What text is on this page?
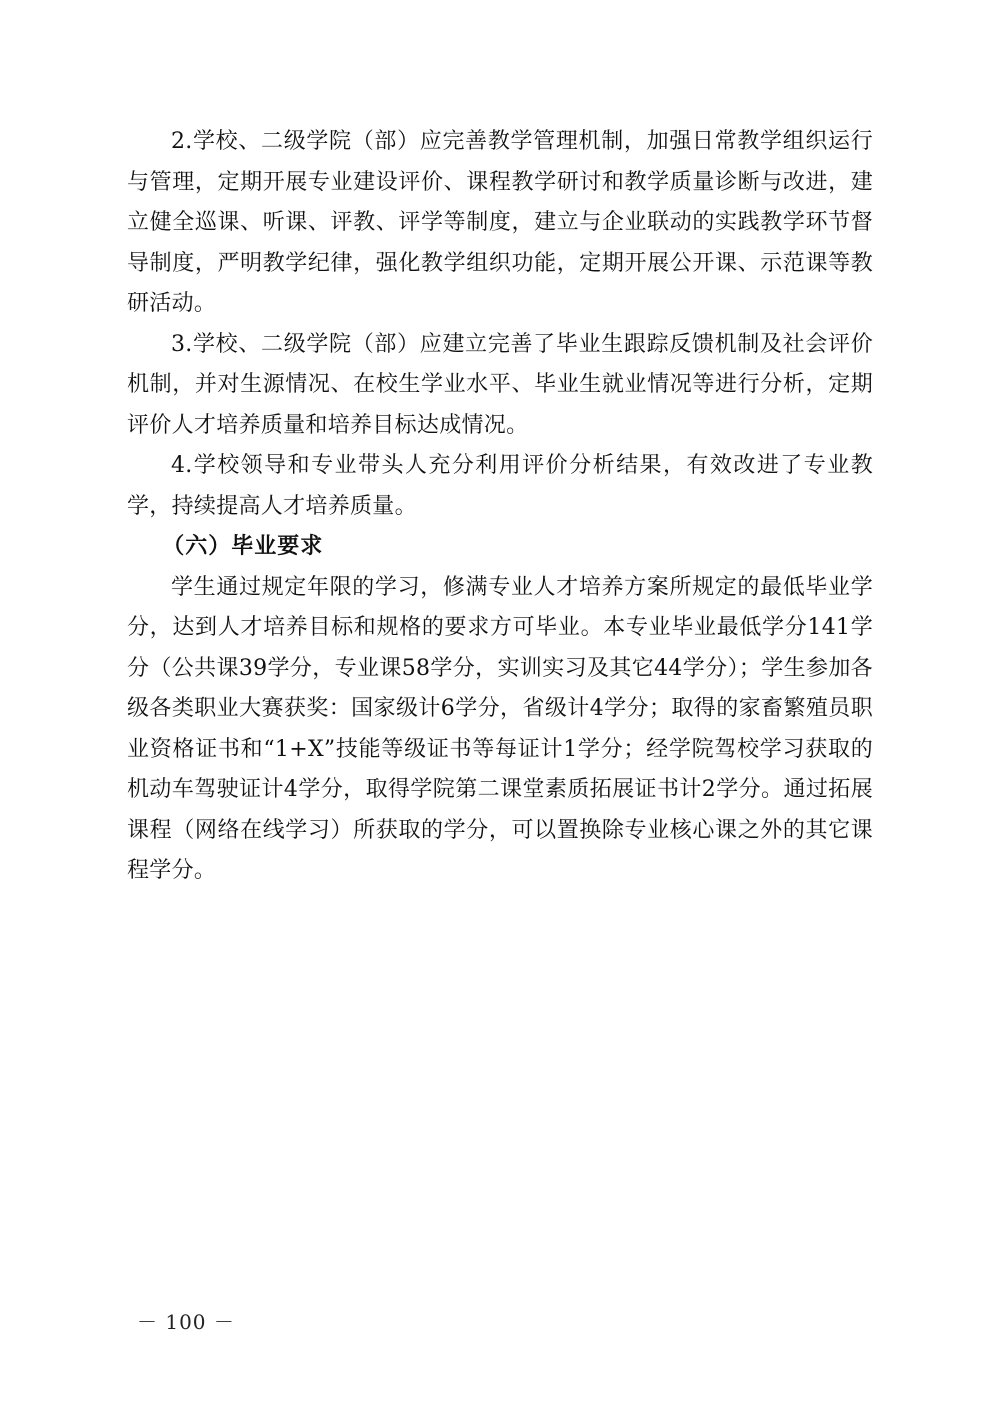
2.学校、二级学院（部）应完善教学管理机制，加强日常教学组织运行与管理，定期开展专业建设评价、课程教学研讨和教学质量诊断与改进，建立健全巡课、听课、评教、评学等制度，建立与企业联动的实践教学环节督导制度，严明教学纪律，强化教学组织功能，定期开展公开课、示范课等教研活动。

3.学校、二级学院（部）应建立完善了毕业生跟踪反馈机制及社会评价机制，并对生源情况、在校生学业水平、毕业生就业情况等进行分析，定期评价人才培养质量和培养目标达成情况。

4.学校领导和专业带头人充分利用评价分析结果，有效改进了专业教学，持续提高人才培养质量。

（六）毕业要求

学生通过规定年限的学习，修满专业人才培养方案所规定的最低毕业学分，达到人才培养目标和规格的要求方可毕业。本专业毕业最低学分141学分（公共课39学分，专业课58学分，实训实习及其它44学分）；学生参加各级各类职业大赛获奖：国家级计6学分，省级计4学分；取得的家畜繁殖员职业资格证书和“1+X”技能等级证书等每证计1学分；经学院驾校学习获取的机动车驾驶证计4学分，取得学院第二课堂素质拓展证书计2学分。通过拓展课程（网络在线学习）所获取的学分，可以置换除专业核心课之外的其它课程学分。

－ 100 －
